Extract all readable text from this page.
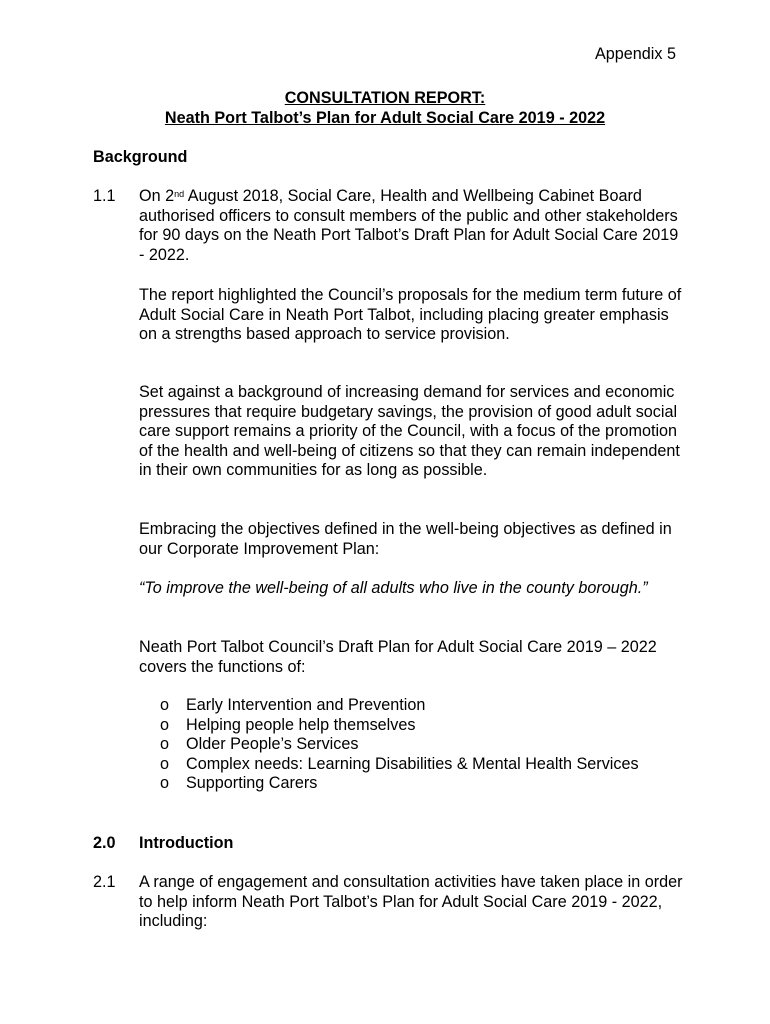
Appendix 5
CONSULTATION REPORT:
Neath Port Talbot’s Plan for Adult Social Care 2019 - 2022
Background
1.1 On 2nd August 2018, Social Care, Health and Wellbeing Cabinet Board authorised officers to consult members of the public and other stakeholders for 90 days on the Neath Port Talbot’s Draft Plan for Adult Social Care 2019 - 2022.

The report highlighted the Council’s proposals for the medium term future of Adult Social Care in Neath Port Talbot, including placing greater emphasis on a strengths based approach to service provision.
Set against a background of increasing demand for services and economic pressures that require budgetary savings, the provision of good adult social care support remains a priority of the Council, with a focus of the promotion of the health and well-being of citizens so that they can remain independent in their own communities for as long as possible.
Embracing the objectives defined in the well-being objectives as defined in our Corporate Improvement Plan:
“To improve the well-being of all adults who live in the county borough.”
Neath Port Talbot Council’s Draft Plan for Adult Social Care 2019 – 2022 covers the functions of:
o Early Intervention and Prevention
o Helping people help themselves
o Older People’s Services
o Complex needs: Learning Disabilities & Mental Health Services
o Supporting Carers
2.0 Introduction
2.1 A range of engagement and consultation activities have taken place in order to help inform Neath Port Talbot’s Plan for Adult Social Care 2019 - 2022, including:
